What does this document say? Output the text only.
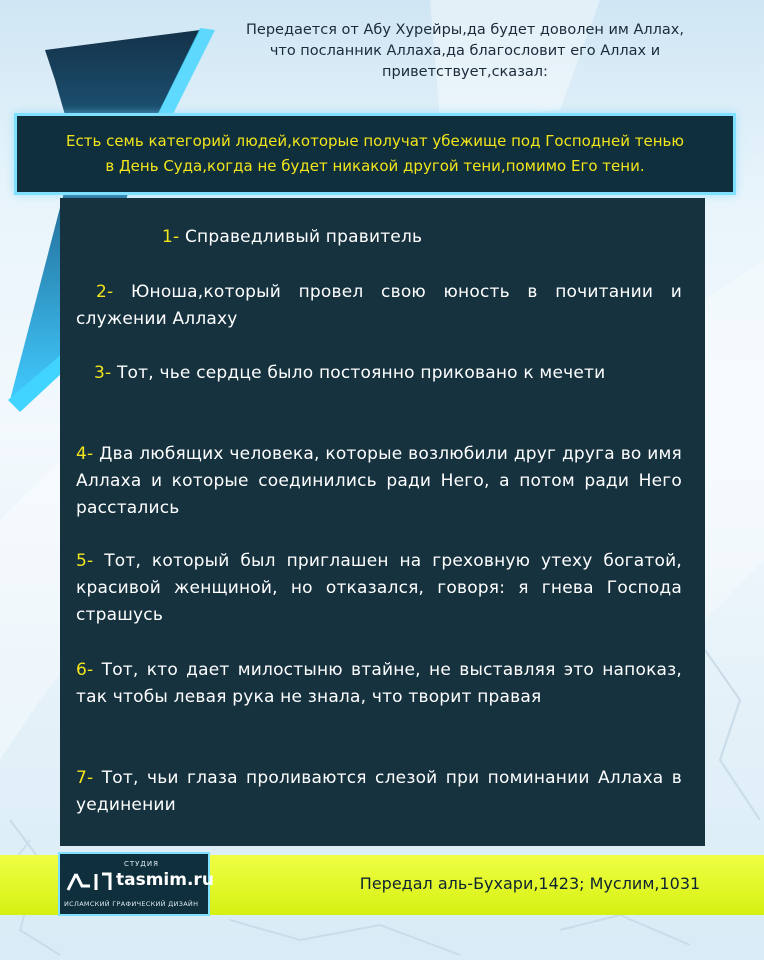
Передается от Абу Хурейры,да будет доволен им Аллах,
что посланник Аллаха,да благословит его Аллах и
приветствует,сказал:
Есть семь категорий людей,которые получат убежище под Господней тенью
в День Суда,когда не будет никакой другой тени,помимо Его тени.
1- Справедливый правитель
2- Юноша,который провел свою юность в почитании и служении Аллаху
3- Тот, чье сердце было постоянно приковано к мечети
4- Два любящих человека, которые возлюбили друг друга во имя Аллаха и которые соединились ради Него, а потом ради Него расстались
5- Тот, который был приглашен на греховную утеху богатой, красивой женщиной, но отказался, говоря: я гнева Господа страшусь
6- Тот, кто дает милостыню втайне, не выставляя это напоказ, так чтобы левая рука не знала, что творит правая
7- Тот, чьи глаза проливаются слезой при поминании Аллаха в уединении
СТУДИЯ
tasmim.ru
ИСЛАМСКИЙ ГРАФИЧЕСКИЙ ДИЗАЙН
Передал аль-Бухари,1423; Муслим,1031
